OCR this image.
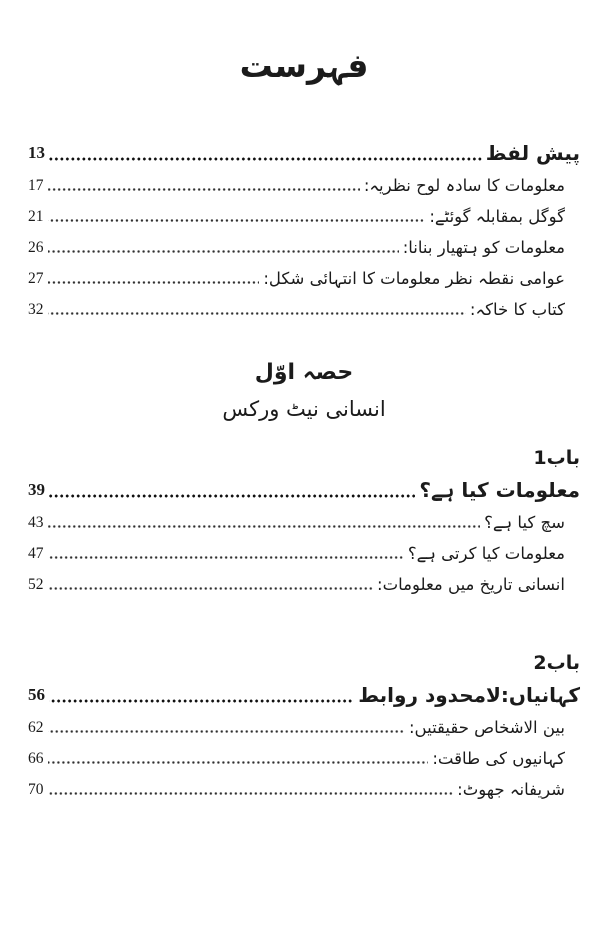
فہرست
پیش لفظ
13
معلومات کا سادہ لوح نظریہ:
17
گوگل بمقابلہ گوئٹے:
21
معلومات کو ہتھیار بنانا:
26
عوامی نقطہ نظر معلومات کا انتہائی شکل:
27
کتاب کا خاکہ:
32
حصہ اوّل
انسانی نیٹ ورکس
باب1
معلومات کیا ہے؟
39
سچ کیا ہے؟
43
معلومات کیا کرتی ہے؟
47
انسانی تاریخ میں معلومات:
52
باب2
کہانیاں:لامحدود روابط
56
بین الاشخاص حقیقتیں:
62
کہانیوں کی طاقت:
66
شریفانہ جھوٹ:
70
